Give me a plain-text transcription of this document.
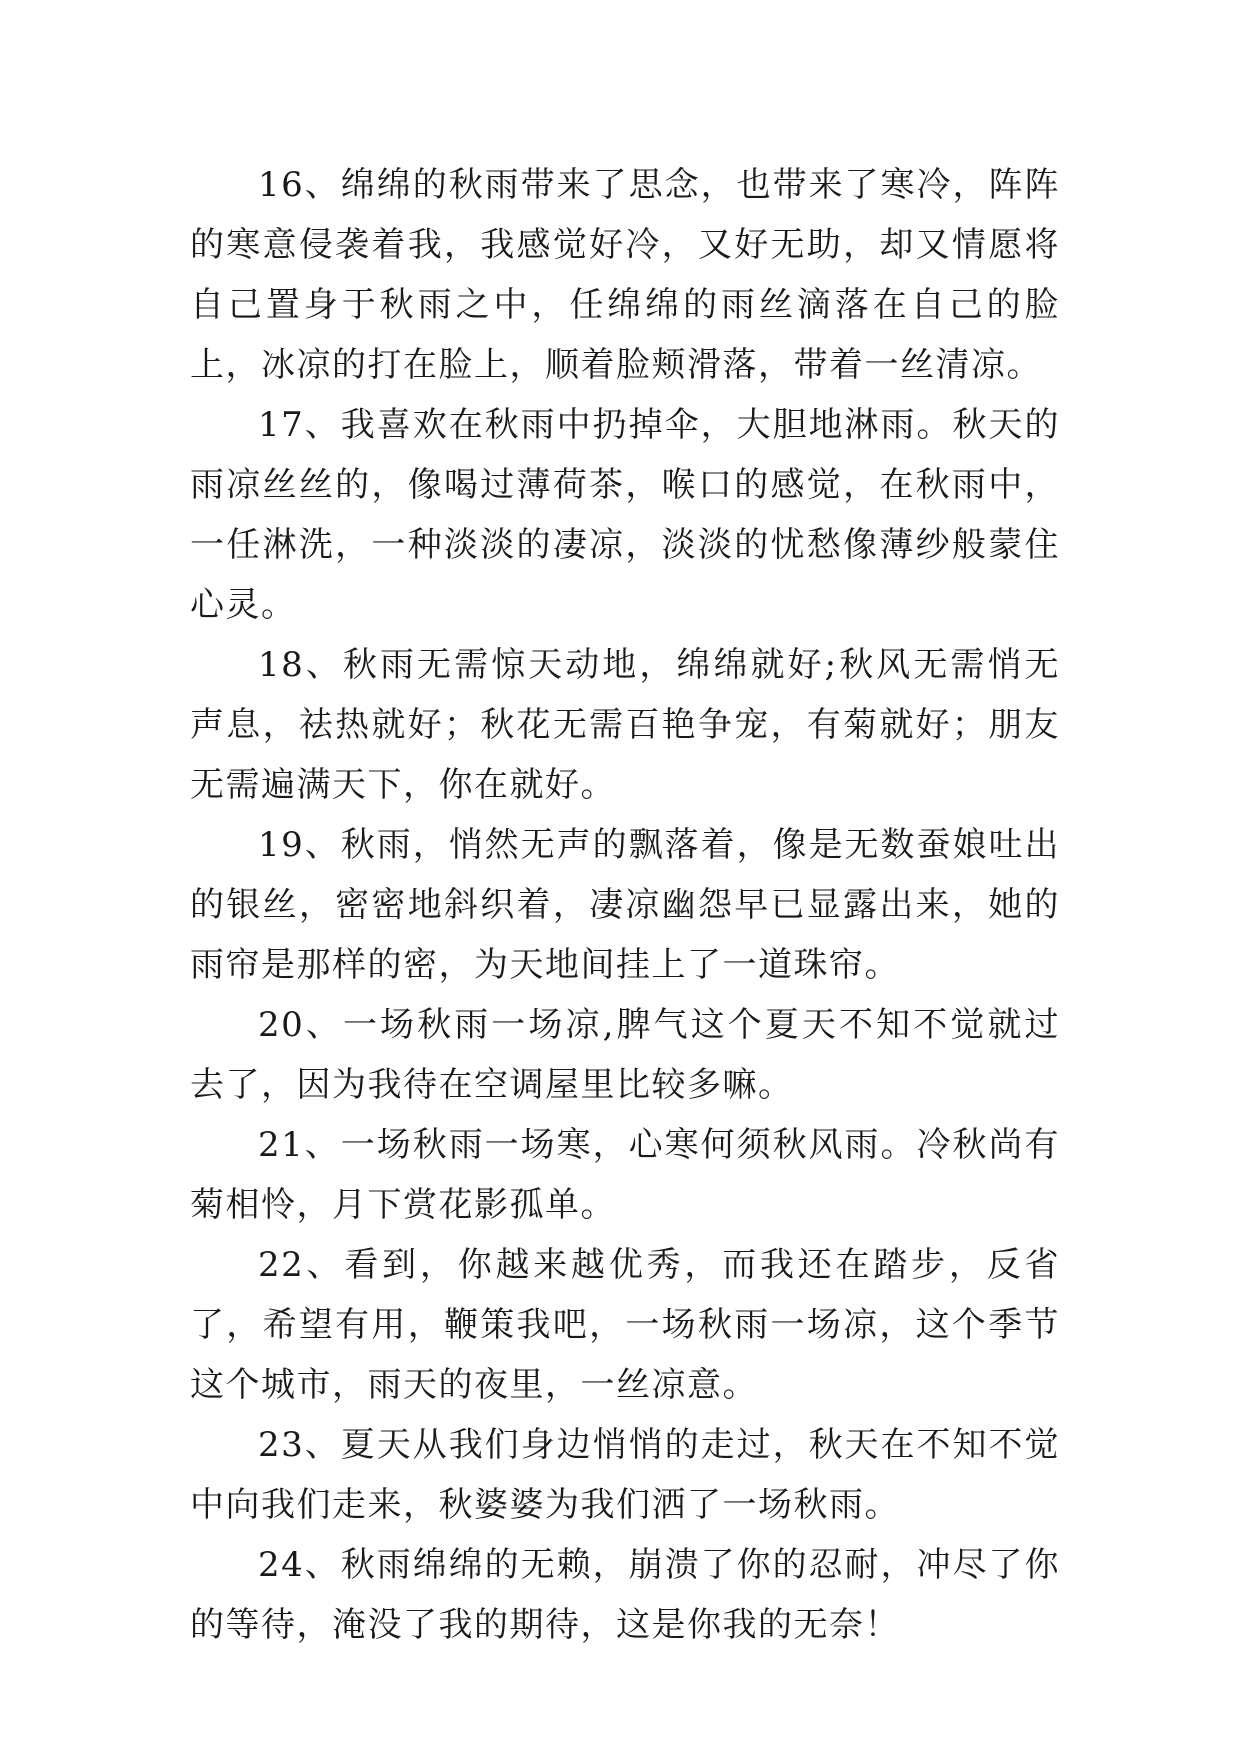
16、绵绵的秋雨带来了思念，也带来了寒冷，阵阵的寒意侵袭着我，我感觉好冷，又好无助，却又情愿将自己置身于秋雨之中，任绵绵的雨丝滴落在自己的脸上，冰凉的打在脸上，顺着脸颊滑落，带着一丝清凉。

17、我喜欢在秋雨中扔掉伞，大胆地淋雨。秋天的雨凉丝丝的，像喝过薄荷茶，喉口的感觉，在秋雨中，一任淋洗，一种淡淡的凄凉，淡淡的忧愁像薄纱般蒙住心灵。

18、秋雨无需惊天动地，绵绵就好;秋风无需悄无声息，祛热就好；秋花无需百艳争宠，有菊就好；朋友无需遍满天下，你在就好。

19、秋雨，悄然无声的飘落着，像是无数蚕娘吐出的银丝，密密地斜织着，凄凉幽怨早已显露出来，她的雨帘是那样的密，为天地间挂上了一道珠帘。

20、一场秋雨一场凉,脾气这个夏天不知不觉就过去了，因为我待在空调屋里比较多嘛。

21、一场秋雨一场寒，心寒何须秋风雨。冷秋尚有菊相怜，月下赏花影孤单。

22、看到，你越来越优秀，而我还在踏步，反省了，希望有用，鞭策我吧，一场秋雨一场凉，这个季节这个城市，雨天的夜里，一丝凉意。

23、夏天从我们身边悄悄的走过，秋天在不知不觉中向我们走来，秋婆婆为我们洒了一场秋雨。

24、秋雨绵绵的无赖，崩溃了你的忍耐，冲尽了你的等待，淹没了我的期待，这是你我的无奈！
